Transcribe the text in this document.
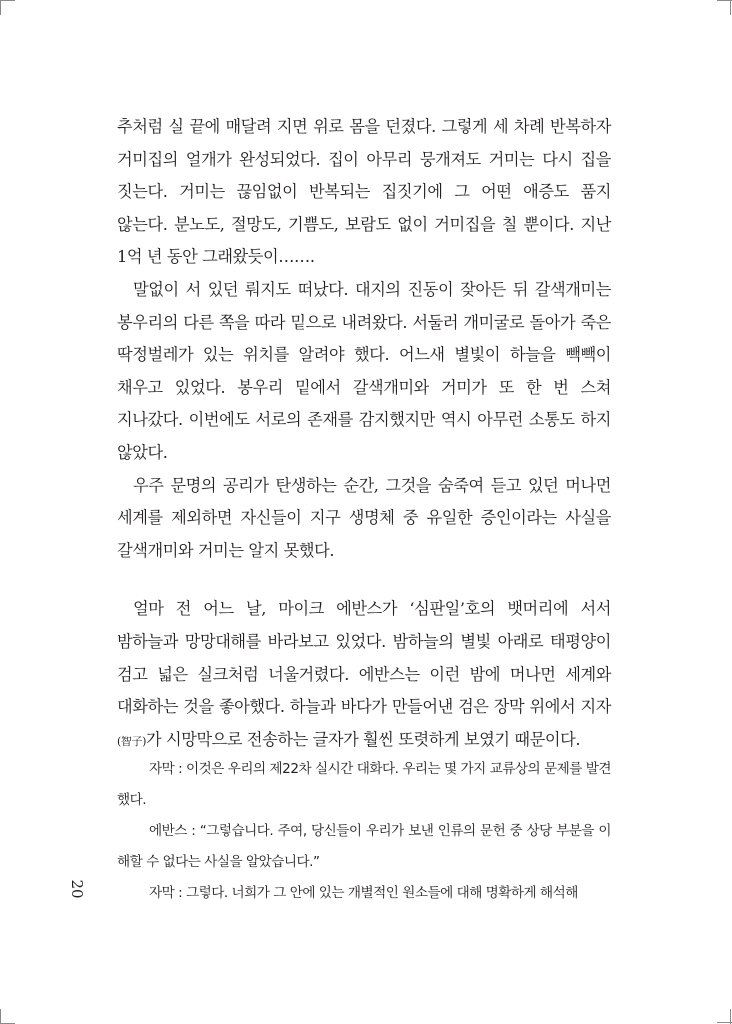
추처럼 실 끝에 매달려 지면 위로 몸을 던졌다. 그렇게 세 차례 반복하자 거미집의 얼개가 완성되었다. 집이 아무리 뭉개져도 거미는 다시 집을 짓는다. 거미는 끊임없이 반복되는 집짓기에 그 어떤 애증도 품지 않는다. 분노도, 절망도, 기쁨도, 보람도 없이 거미집을 칠 뿐이다. 지난 1억 년 동안 그래왔듯이…….

말없이 서 있던 뤄지도 떠났다. 대지의 진동이 잦아든 뒤 갈색개미는 봉우리의 다른 쪽을 따라 밑으로 내려왔다. 서둘러 개미굴로 돌아가 죽은 딱정벌레가 있는 위치를 알려야 했다. 어느새 별빛이 하늘을 빽빽이 채우고 있었다. 봉우리 밑에서 갈색개미와 거미가 또 한 번 스쳐 지나갔다. 이번에도 서로의 존재를 감지했지만 역시 아무런 소통도 하지 않았다.

우주 문명의 공리가 탄생하는 순간, 그것을 숨죽여 듣고 있던 머나먼 세계를 제외하면 자신들이 지구 생명체 중 유일한 증인이라는 사실을 갈색개미와 거미는 알지 못했다.

얼마 전 어느 날, 마이크 에반스가 ‘심판일’호의 뱃머리에 서서 밤하늘과 망망대해를 바라보고 있었다. 밤하늘의 별빛 아래로 태평양이 검고 넓은 실크처럼 너울거렸다. 에반스는 이런 밤에 머나먼 세계와 대화하는 것을 좋아했다. 하늘과 바다가 만들어낸 검은 장막 위에서 지자(智子)가 시망막으로 전송하는 글자가 훨씬 또렷하게 보였기 때문이다.

자막 : 이것은 우리의 제22차 실시간 대화다. 우리는 몇 가지 교류상의 문제를 발견했다.

에반스 : “그렇습니다. 주여, 당신들이 우리가 보낸 인류의 문헌 중 상당 부분을 이해할 수 없다는 사실을 알았습니다.”

자막 : 그렇다. 너희가 그 안에 있는 개별적인 원소들에 대해 명확하게 해석해

20
